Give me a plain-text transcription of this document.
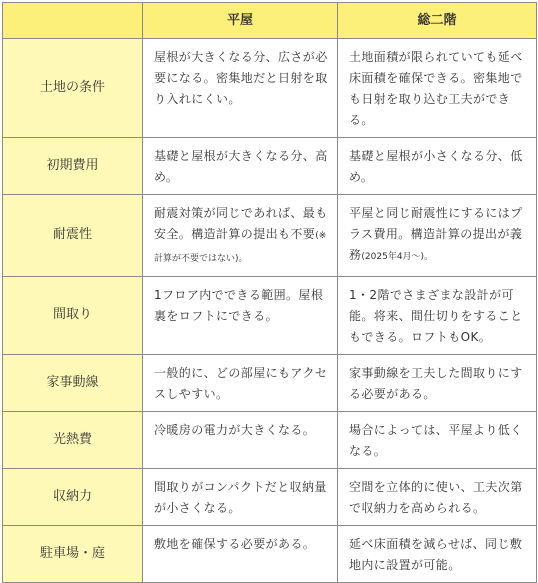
	平屋	総二階
土地の条件	屋根が大きくなる分、広さが必要になる。密集地だと日射を取り入れにくい。	土地面積が限られていても延べ床面積を確保できる。密集地でも日射を取り込む工夫ができる。
初期費用	基礎と屋根が大きくなる分、高め。	基礎と屋根が小さくなる分、低め。
耐震性	耐震対策が同じであれば、最も安全。構造計算の提出も不要(※計算が不要ではない)。	平屋と同じ耐震性にするにはプラス費用。構造計算の提出が義務(2025年4月〜)。
間取り	1フロア内でできる範囲。屋根裏をロフトにできる。	1・2階でさまざまな設計が可能。将来、間仕切りをすることもできる。ロフトもOK。
家事動線	一般的に、どの部屋にもアクセスしやすい。	家事動線を工夫した間取りにする必要がある。
光熱費	冷暖房の電力が大きくなる。	場合によっては、平屋より低くなる。
収納力	間取りがコンパクトだと収納量が小さくなる。	空間を立体的に使い、工夫次第で収納力を高められる。
駐車場・庭	敷地を確保する必要がある。	延べ床面積を減らせば、同じ敷地内に設置が可能。
